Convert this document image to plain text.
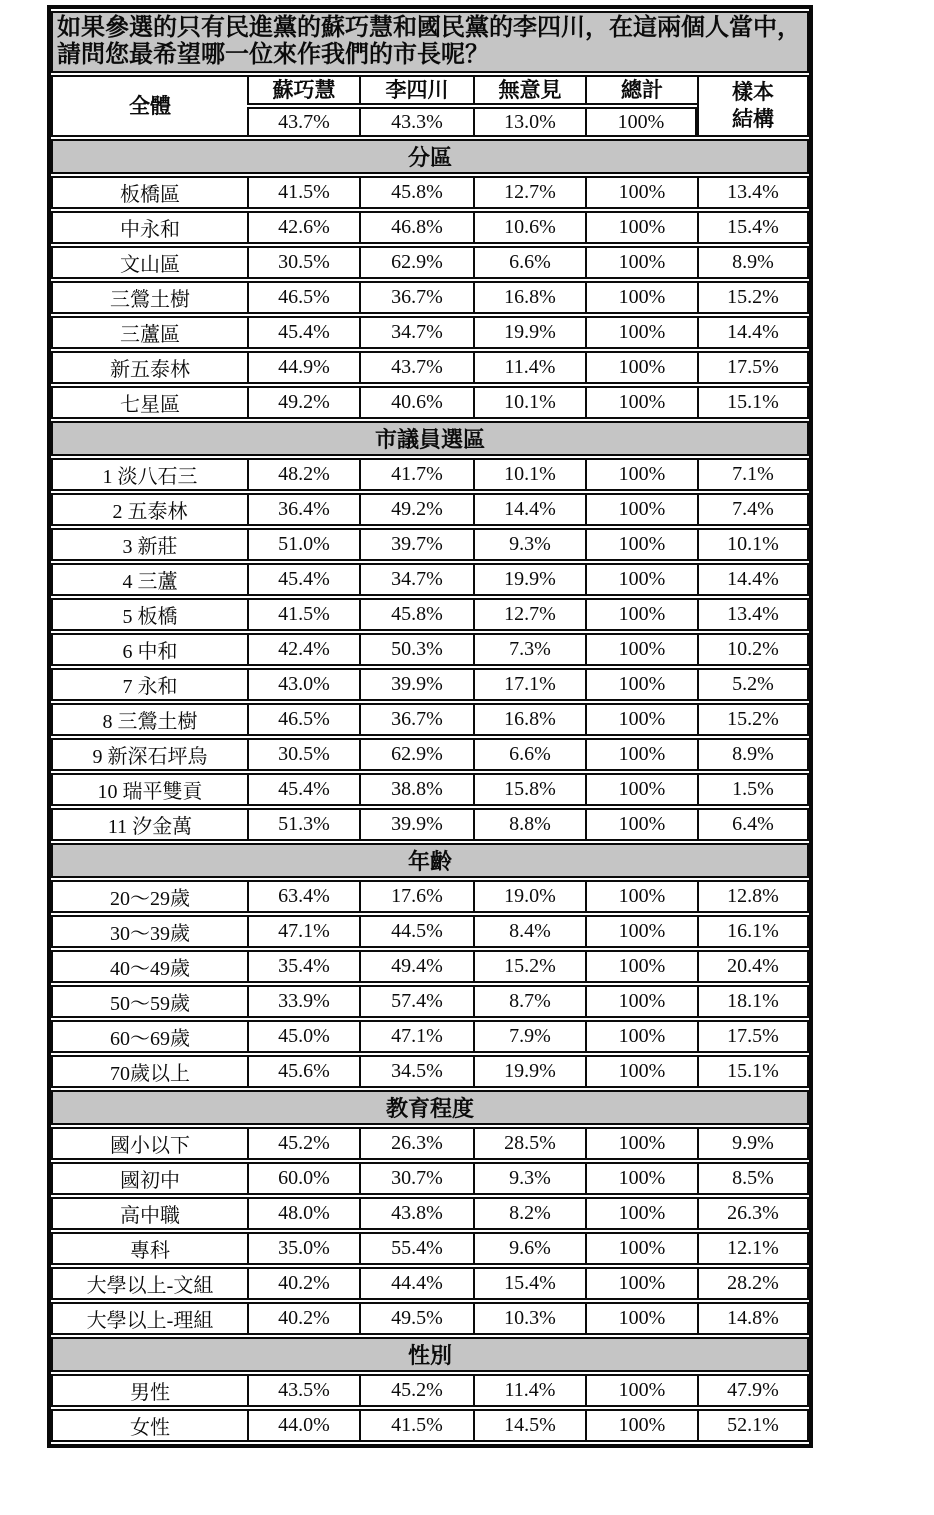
如果參選的只有民進黨的蘇巧慧和國民黨的李四川，在這兩個人當中，
請問您最希望哪一位來作我們的市長呢？					
全體	蘇巧慧	李四川	無意見	總計	樣本
結構
	43.7%	43.3%	13.0%	100%	
分區					
板橋區	41.5%	45.8%	12.7%	100%	13.4%
中永和	42.6%	46.8%	10.6%	100%	15.4%
文山區	30.5%	62.9%	6.6%	100%	8.9%
三鶯土樹	46.5%	36.7%	16.8%	100%	15.2%
三蘆區	45.4%	34.7%	19.9%	100%	14.4%
新五泰林	44.9%	43.7%	11.4%	100%	17.5%
七星區	49.2%	40.6%	10.1%	100%	15.1%
市議員選區					
1 淡八石三	48.2%	41.7%	10.1%	100%	7.1%
2 五泰林	36.4%	49.2%	14.4%	100%	7.4%
3 新莊	51.0%	39.7%	9.3%	100%	10.1%
4 三蘆	45.4%	34.7%	19.9%	100%	14.4%
5 板橋	41.5%	45.8%	12.7%	100%	13.4%
6 中和	42.4%	50.3%	7.3%	100%	10.2%
7 永和	43.0%	39.9%	17.1%	100%	5.2%
8 三鶯土樹	46.5%	36.7%	16.8%	100%	15.2%
9 新深石坪烏	30.5%	62.9%	6.6%	100%	8.9%
10 瑞平雙貢	45.4%	38.8%	15.8%	100%	1.5%
11 汐金萬	51.3%	39.9%	8.8%	100%	6.4%
年齡					
20～29歲	63.4%	17.6%	19.0%	100%	12.8%
30～39歲	47.1%	44.5%	8.4%	100%	16.1%
40～49歲	35.4%	49.4%	15.2%	100%	20.4%
50～59歲	33.9%	57.4%	8.7%	100%	18.1%
60～69歲	45.0%	47.1%	7.9%	100%	17.5%
70歲以上	45.6%	34.5%	19.9%	100%	15.1%
教育程度					
國小以下	45.2%	26.3%	28.5%	100%	9.9%
國初中	60.0%	30.7%	9.3%	100%	8.5%
高中職	48.0%	43.8%	8.2%	100%	26.3%
專科	35.0%	55.4%	9.6%	100%	12.1%
大學以上-文組	40.2%	44.4%	15.4%	100%	28.2%
大學以上-理組	40.2%	49.5%	10.3%	100%	14.8%
性別					
男性	43.5%	45.2%	11.4%	100%	47.9%
女性	44.0%	41.5%	14.5%	100%	52.1%
